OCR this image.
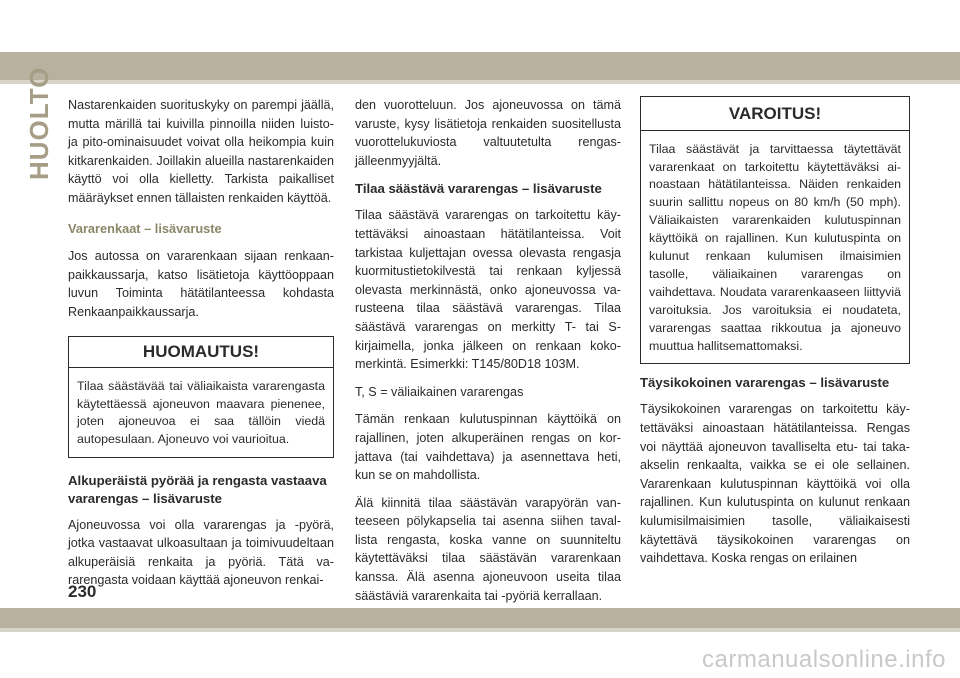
HUOLTO Nastarenkaiden suorituskyky on parempi jäällä, mutta märillä tai kuivilla pinnoilla niiden luisto- ja pito-ominaisuudet voivat olla heikompia kuin kitkarenkaiden. Joillakin alueilla nastarenkaiden käyttö voi olla kielletty. Tarkista paikalliset määräykset ennen tällaisten renkaiden käyttöä.

Vararenkaat – lisävaruste

Jos autossa on vararenkaan sijaan renkaanpaikkaussarja, katso lisätietoja käyttöoppaan luvun Toiminta hätätilanteessa kohdasta Renkaanpaikkaussarja.

HUOMAUTUS!

Tilaa säästävää tai väliaikaista vararengasta käytettäessä ajoneuvon maavara pienenee, joten ajoneuvoa ei saa tällöin viedä autopesulaan. Ajoneuvo voi vaurioitua.

Alkuperäistä pyörää ja rengasta vastaava vararengas – lisävaruste

Ajoneuvossa voi olla vararengas ja -pyörä, jotka vastaavat ulkoasultaan ja toimivuudeltaan alkuperäisiä renkaita ja pyöriä. Tätä vararengasta voidaan käyttää ajoneuvon renkai-

den vuorotteluun. Jos ajoneuvossa on tämä varuste, kysy lisätietoja renkaiden suositellusta vuorottelukuviosta valtuutetulta rengasjälleenmyyjältä.

Tilaa säästävä vararengas – lisävaruste

Tilaa säästävä vararengas on tarkoitettu käytettäväksi ainoastaan hätätilanteissa. Voit tarkistaa kuljettajan ovessa olevasta rengasja kuormitustietokilvestä tai renkaan kyljessä olevasta merkinnästä, onko ajoneuvossa varusteena tilaa säästävä vararengas. Tilaa säästävä vararengas on merkitty T- tai S-kirjaimella, jonka jälkeen on renkaan kokomerkintä. Esimerkki: T145/80D18 103M.

T, S = väliaikainen vararengas

Tämän renkaan kulutuspinnan käyttöikä on rajallinen, joten alkuperäinen rengas on korjattava (tai vaihdettava) ja asennettava heti, kun se on mahdollista.

Älä kiinnitä tilaa säästävän varapyörän vanteeseen pölykapselia tai asenna siihen tavallista rengasta, koska vanne on suunniteltu käytettäväksi tilaa säästävän vararenkaan kanssa. Älä asenna ajoneuvoon useita tilaa säästäviä vararenkaita tai -pyöriä kerrallaan.

VAROITUS!

Tilaa säästävät ja tarvittaessa täytettävät vararenkaat on tarkoitettu käytettäväksi ainoastaan hätätilanteissa. Näiden renkaiden suurin sallittu nopeus on 80 km/h (50 mph). Väliaikaisten vararenkaiden kulutuspinnan käyttöikä on rajallinen. Kun kulutuspinta on kulunut renkaan kulumisen ilmaisimien tasolle, väliaikainen vararengas on vaihdettava. Noudata vararenkaaseen liittyviä varoituksia. Jos varoituksia ei noudateta, vararengas saattaa rikkoutua ja ajoneuvo muuttua hallitsemattomaksi.

Täysikokoinen vararengas – lisävaruste

Täysikokoinen vararengas on tarkoitettu käytettäväksi ainoastaan hätätilanteissa. Rengas voi näyttää ajoneuvon tavalliselta etu- tai taka-akselin renkaalta, vaikka se ei ole sellainen. Vararenkaan kulutuspinnan käyttöikä voi olla rajallinen. Kun kulutuspinta on kulunut renkaan kulumisilmaisimien tasolle, väliaikaisesti käytettävä täysikokoinen vararengas on vaihdettava. Koska rengas on erilainen

230
carmanualsonline.info
